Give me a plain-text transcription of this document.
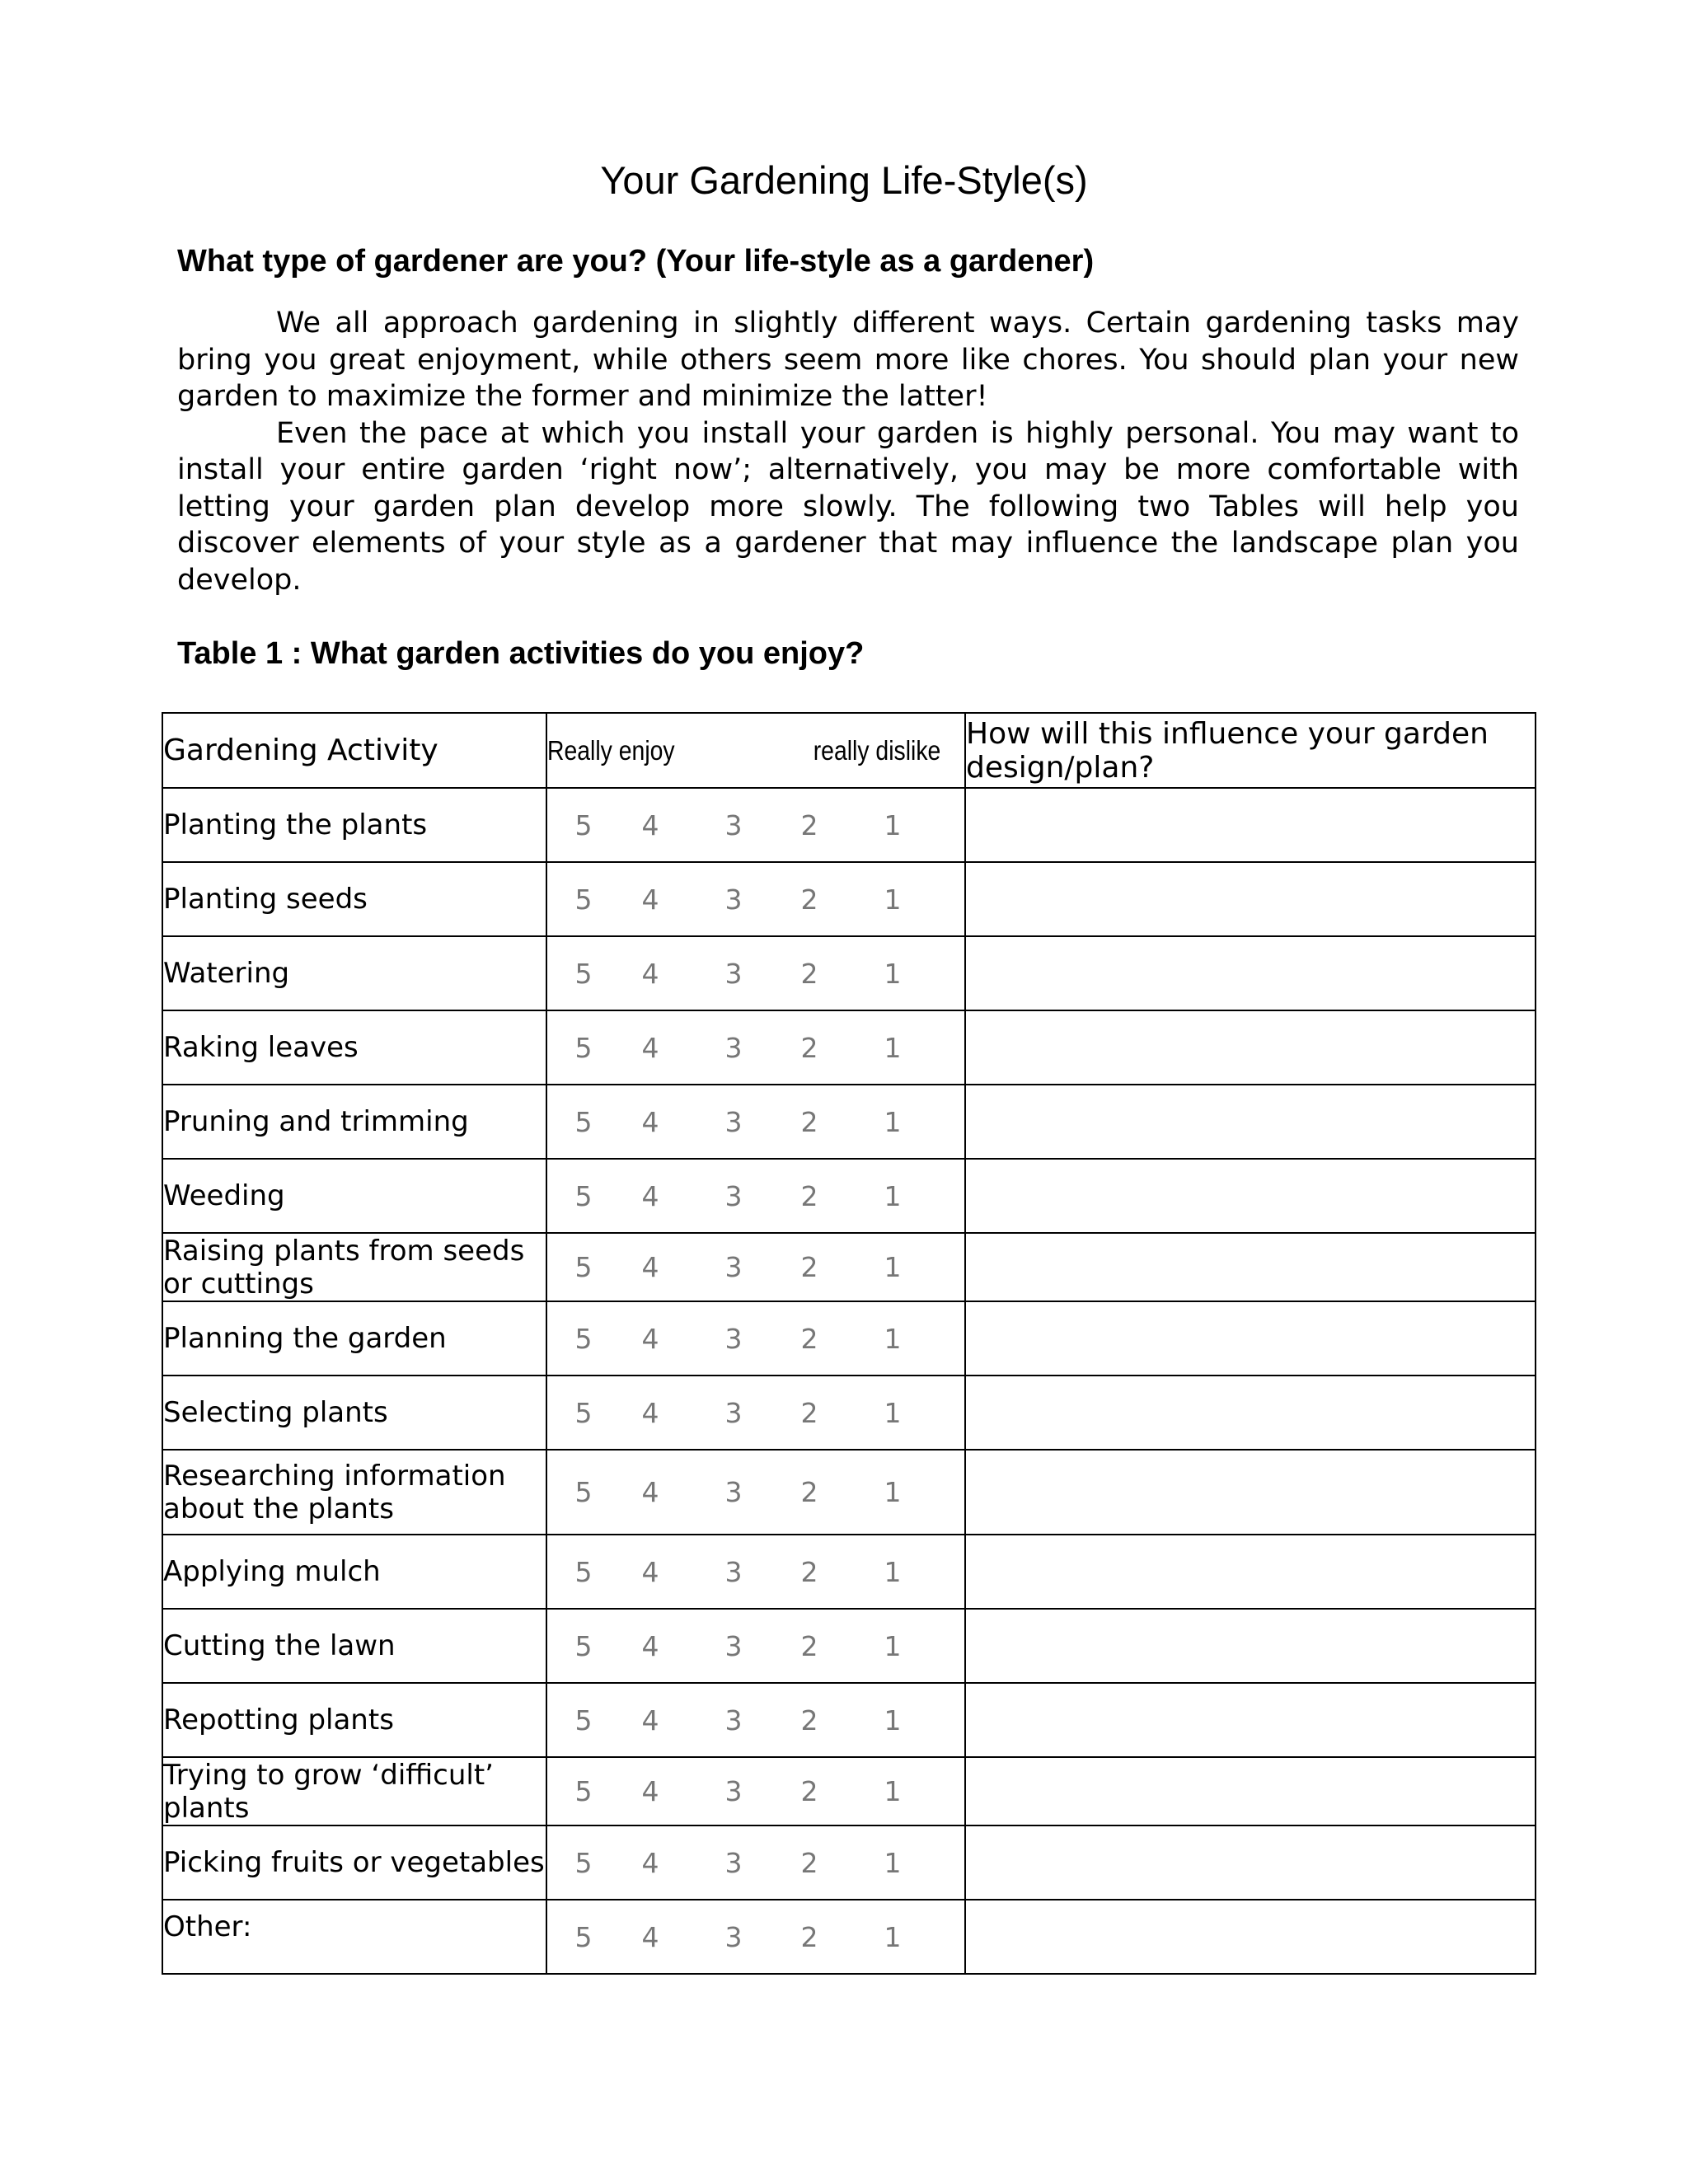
Your Gardening Life-Style(s)
What type of gardener are you? (Your life-style as a gardener)

We all approach gardening in slightly different ways. Certain gardening tasks may bring you great enjoyment, while others seem more like chores. You should plan your new garden to maximize the former and minimize the latter!

Even the pace at which you install your garden is highly personal. You may want to install your entire garden ‘right now’; alternatively, you may be more comfortable with letting your garden plan develop more slowly. The following two Tables will help you discover elements of your style as a gardener that may influence the landscape plan you develop.

Table 1 : What garden activities do you enjoy?
Gardening Activity	Really enjoy really dislike	How will this influence your garden design/plan?
Planting the plants	5 4 3 2 1	

Planting seeds	5 4 3 2 1	

Watering	5 4 3 2 1	

Raking leaves	5 4 3 2 1	

Pruning and trimming	5 4 3 2 1	

Weeding	5 4 3 2 1	

Raising plants from seeds or cuttings	5 4 3 2 1	

Planning the garden	5 4 3 2 1	

Selecting plants	5 4 3 2 1	

Researching information about the plants	5 4 3 2 1	

Applying mulch	5 4 3 2 1	

Cutting the lawn	5 4 3 2 1	

Repotting plants	5 4 3 2 1	

Trying to grow ‘difficult’ plants	5 4 3 2 1	

Picking fruits or vegetables	5 4 3 2 1	

Other:	5 4 3 2 1	
